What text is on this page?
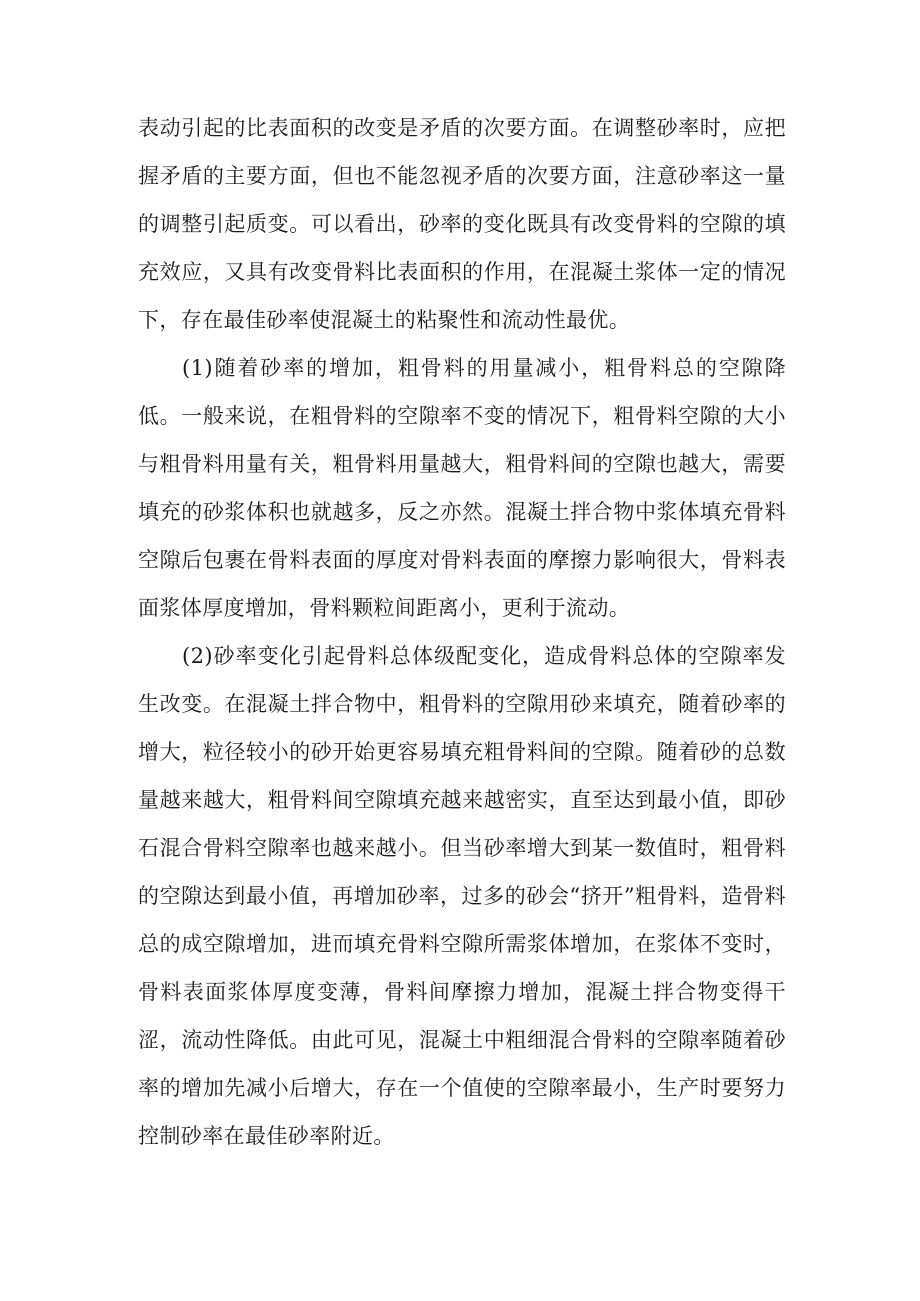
表动引起的比表面积的改变是矛盾的次要方面。在调整砂率时，应把握矛盾的主要方面，但也不能忽视矛盾的次要方面，注意砂率这一量的调整引起质变。可以看出，砂率的变化既具有改变骨料的空隙的填充效应，又具有改变骨料比表面积的作用，在混凝土浆体一定的情况下，存在最佳砂率使混凝土的粘聚性和流动性最优。

(1)随着砂率的增加，粗骨料的用量减小，粗骨料总的空隙降低。一般来说，在粗骨料的空隙率不变的情况下，粗骨料空隙的大小与粗骨料用量有关，粗骨料用量越大，粗骨料间的空隙也越大，需要填充的砂浆体积也就越多，反之亦然。混凝土拌合物中浆体填充骨料空隙后包裹在骨料表面的厚度对骨料表面的摩擦力影响很大，骨料表面浆体厚度增加，骨料颗粒间距离小，更利于流动。

(2)砂率变化引起骨料总体级配变化，造成骨料总体的空隙率发生改变。在混凝土拌合物中，粗骨料的空隙用砂来填充，随着砂率的增大，粒径较小的砂开始更容易填充粗骨料间的空隙。随着砂的总数量越来越大，粗骨料间空隙填充越来越密实，直至达到最小值，即砂石混合骨料空隙率也越来越小。但当砂率增大到某一数值时，粗骨料的空隙达到最小值，再增加砂率，过多的砂会“挤开”粗骨料，造骨料总的成空隙增加，进而填充骨料空隙所需浆体增加，在浆体不变时，骨料表面浆体厚度变薄，骨料间摩擦力增加，混凝土拌合物变得干涩，流动性降低。由此可见，混凝土中粗细混合骨料的空隙率随着砂率的增加先减小后增大，存在一个值使的空隙率最小，生产时要努力控制砂率在最佳砂率附近。
